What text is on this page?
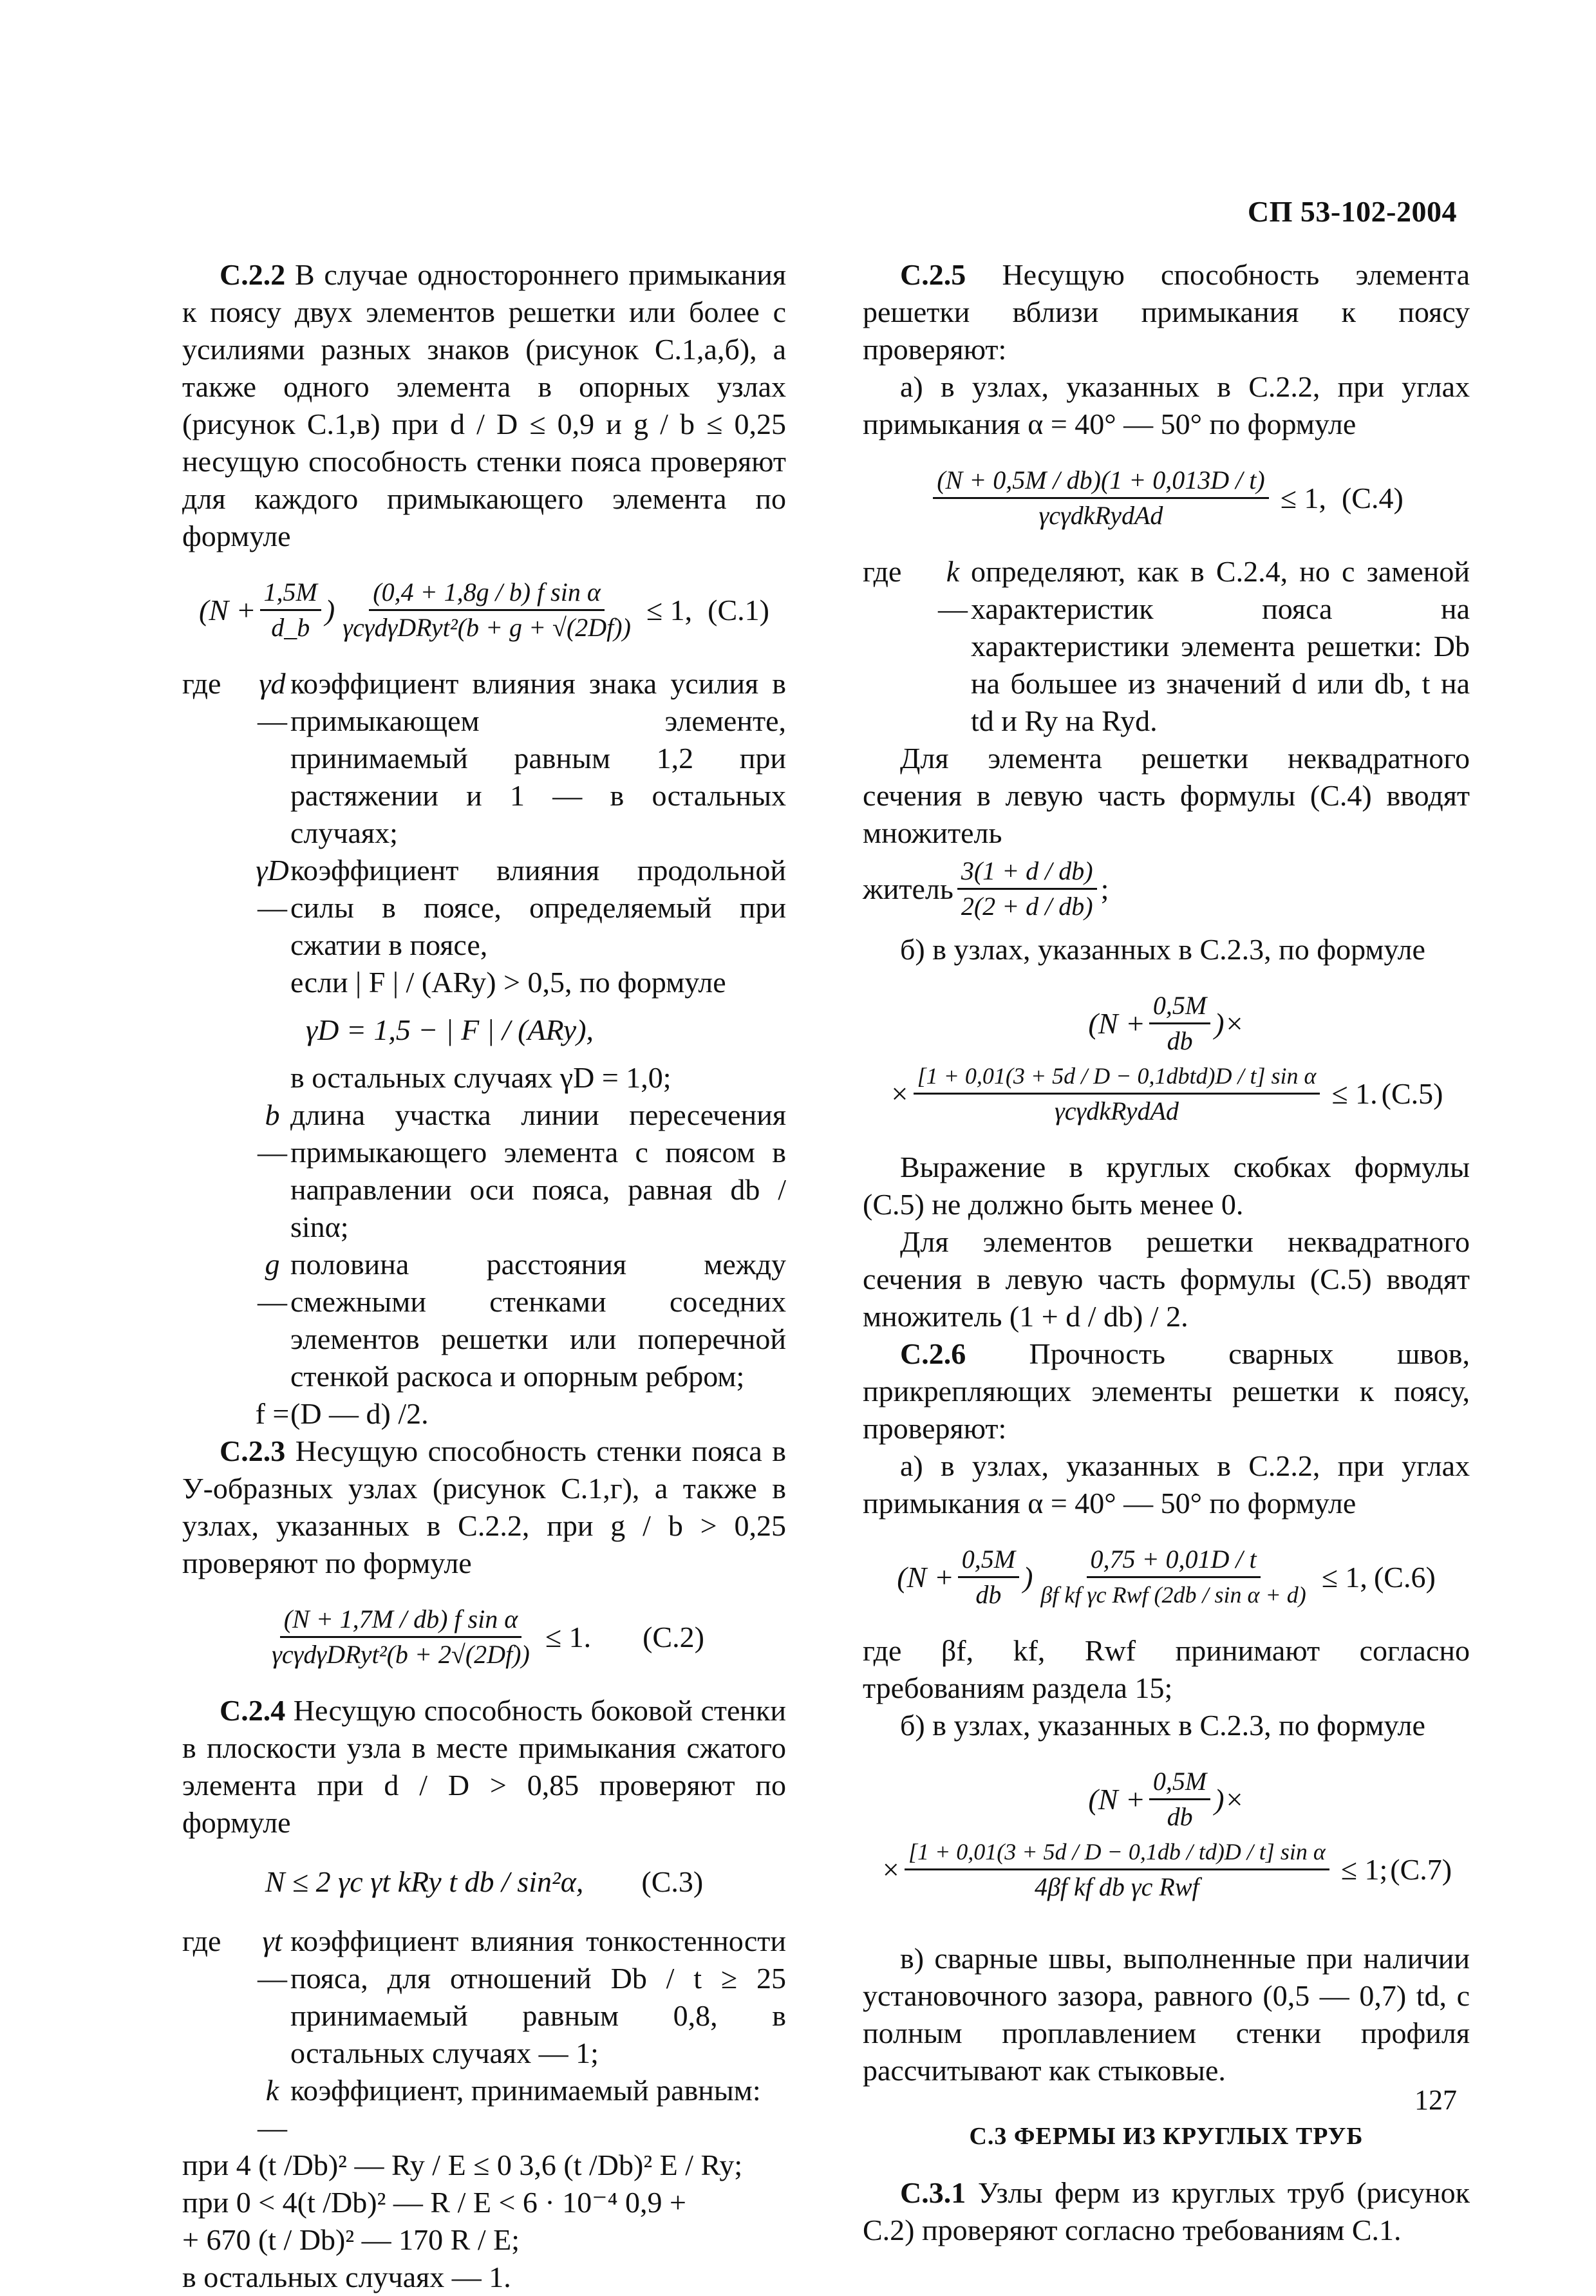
СП 53-102-2004

С.2.2 В случае одностороннего примыкания к поясу двух элементов решетки или более с усилиями разных знаков (рисунок С.1,а,б), а также одного элемента в опорных узлах (рисунок С.1,в) при d / D ≤ 0,9 и g / b ≤ 0,25 несущую способность стенки пояса проверяют для каждого примыкающего элемента по формуле

($N + \frac{1,5M}{d\_b}$ ) $\frac{\text{(0,4 + 1,8g / b) f sin α}}{\text{γcγdγDRyt²(b + g + √(2Df))}} \le 1$, (С.1)
где	γd —
коэффициент влияния знака усилия в примыкающем элементе, принимаемый равным 1,2 при растяжении и 1 — в остальных случаях;
γD —
коэффициент влияния продольной силы в поясе, определяемый при сжатии в поясе,
если | F | / (ARy) > 0,5, по формуле
γD = 1,5 − | F | / (ARy),
в остальных случаях γD = 1,0;
b —
длина участка линии пересечения примыкающего элемента с поясом в направлении оси пояса, равная db / sinα;
g —
половина расстояния между смежными стенками соседних элементов решетки или поперечной стенкой раскоса и опорным ребром;
f = (D — d) /2.

С.2.3 Несущую способность стенки пояса в У-образных узлах (рисунок С.1,г), а также в узлах, указанных в С.2.2, при g / b > 0,25 проверяют по формуле

$\frac{\text{(N + 1,7M / db) f sin α}}{\text{γcγdγDRyt²(b + 2√(2Df))}} \le 1$. (С.2)

С.2.4 Несущую способность боковой стенки в плоскости узла в месте примыкания сжатого элемента при d / D > 0,85 проверяют по формуле

N ≤ 2 γc γt kRy t db / sin²α, (С.3)
где	γt —
коэффициент влияния тонкостенности пояса, для отношений Db / t ≥ 25 принимаемый равным 0,8, в остальных случаях — 1;
k —
коэффициент, принимаемый равным:

при 4 (t /Db)² — Ry / E ≤ 0 3,6 (t /Db)² E / Ry;

при 0 < 4(t /Db)² — R / E < 6 · 10⁻⁴ 0,9 +

+ 670 (t / Db)² — 170 R / E;

в остальных случаях — 1.

С.2.5 Несущую способность элемента решетки вблизи примыкания к поясу проверяют:

а) в узлах, указанных в С.2.2, при углах примыкания α = 40° — 50° по формуле

$\frac{(N + 0,5M / db)(1 + 0,013D / t)}{\text{γcγdkRydAd}} \le 1$, (С.4)
где	k —
определяют, как в С.2.4, но с заменой характеристик пояса на характеристики элемента решетки: Db на большее из значений d или db, t на td и Ry на Ryd.

Для элемента решетки неквадратного сечения в левую часть формулы (С.4) вводят множитель

житель $\frac{3(1 + d / db)}{2(2 + d / db)}$ ;

б) в узлах, указанных в С.2.3, по формуле

($N + \frac{0,5M}{db}$ )×
× $\frac{\text{[1 + 0,01(3 + 5d / D − 0,1dbtd)D / t] sin α}}{\text{γcγdkRydAd}} \le 1$. (С.5)

Выражение в круглых скобках формулы (С.5) не должно быть менее 0.

Для элементов решетки неквадратного сечения в левую часть формулы (С.5) вводят множитель (1 + d / db) / 2.

С.2.6 Прочность сварных швов, прикрепляющих элементы решетки к поясу, проверяют:

а) в узлах, указанных в С.2.2, при углах примыкания α = 40° — 50° по формуле

($N + \frac{0,5M}{db}$ ) $\frac{0,75 + 0,01D / t}{\text{βf kf γc Rwf (2db / sin α + d)}} \le 1$, (С.6)

где βf, kf, Rwf принимают согласно требованиям раздела 15;

б) в узлах, указанных в С.2.3, по формуле

($N + \frac{0,5M}{db}$ )×
× $\frac{\text{[1 + 0,01(3 + 5d / D − 0,1db / td)D / t] sin α}}{\text{4βf kf db γc Rwf}} \le 1$; (С.7)

в) сварные швы, выполненные при наличии установочного зазора, равного (0,5 — 0,7) td, с полным проплавлением стенки профиля рассчитывают как стыковые.

С.3 ФЕРМЫ ИЗ КРУГЛЫХ ТРУБ

С.3.1 Узлы ферм из круглых труб (рисунок С.2) проверяют согласно требованиям С.1.

127
